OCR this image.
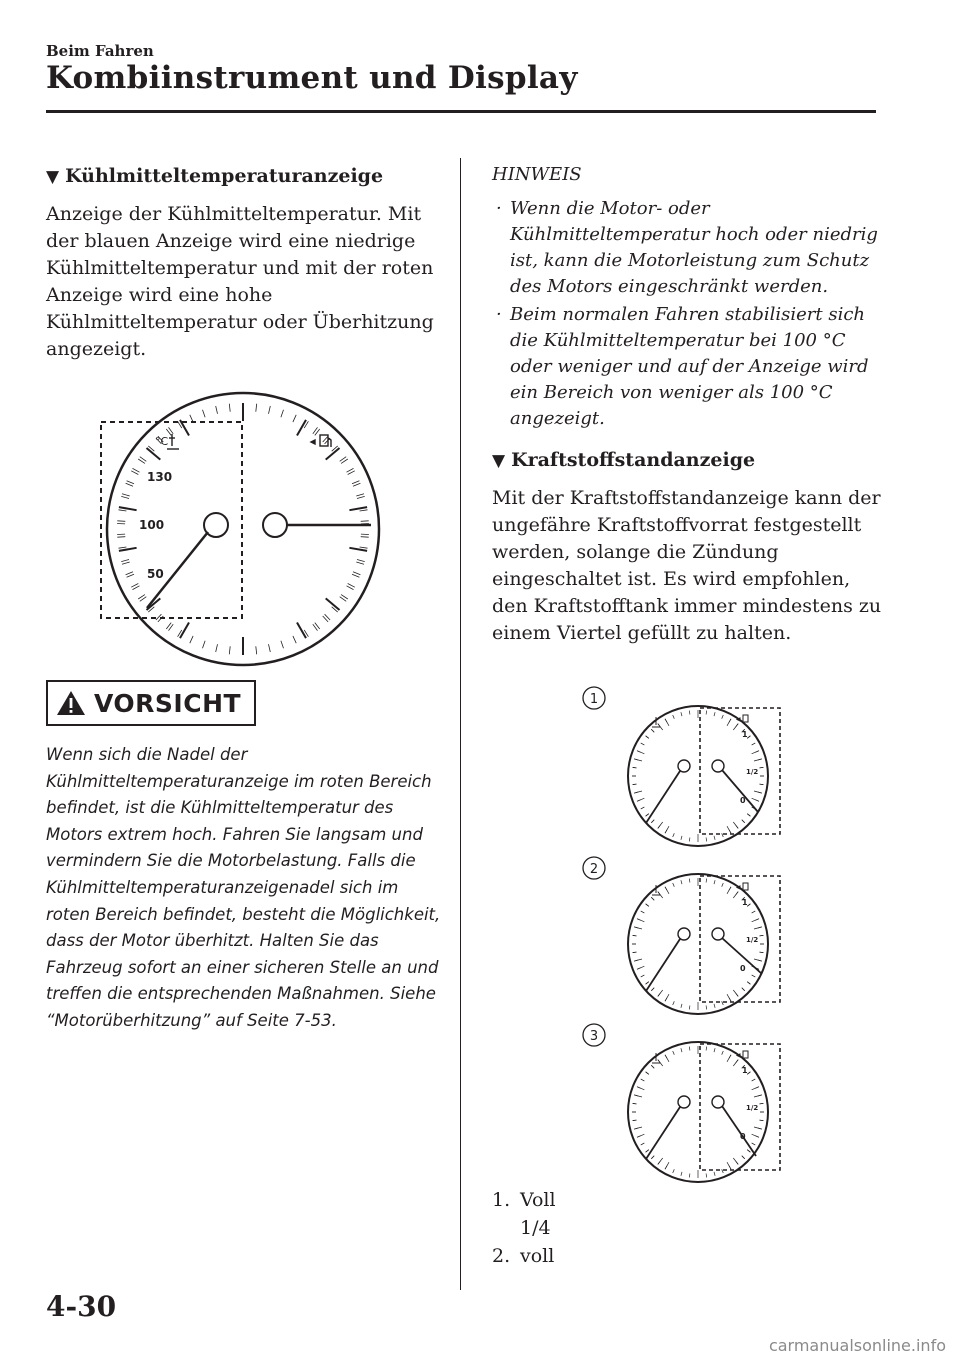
Beim Fahren
Kombiinstrument und Display
▼ Kühlmitteltemperaturanzeige

Anzeige der Kühlmitteltemperatur. Mit der blauen Anzeige wird eine niedrige Kühlmitteltemperatur und mit der roten Anzeige wird eine hohe Kühlmitteltemperatur oder Überhitzung angezeigt.

130
100
50
°C
VORSICHT

Wenn sich die Nadel der Kühlmitteltemperaturanzeige im roten Bereich befindet, ist die Kühlmitteltemperatur des Motors extrem hoch. Fahren Sie langsam und vermindern Sie die Motorbelastung. Falls die Kühlmitteltemperaturanzeigenadel sich im roten Bereich befindet, besteht die Möglichkeit, dass der Motor überhitzt. Halten Sie das Fahrzeug sofort an einer sicheren Stelle an und treffen die entsprechenden Maßnahmen. Siehe “Motorüberhitzung” auf Seite 7-53.

HINWEIS

· Wenn die Motor- oder Kühlmitteltemperatur hoch oder niedrig ist, kann die Motorleistung zum Schutz des Motors eingeschränkt werden.
· Beim normalen Fahren stabilisiert sich die Kühlmitteltemperatur bei 100 °C oder weniger und auf der Anzeige wird ein Bereich von weniger als 100 °C angezeigt.
▼ Kraftstoffstandanzeige

Mit der Kraftstoffstandanzeige kann der ungefähre Kraftstoffvorrat festgestellt werden, solange die Zündung eingeschaltet ist. Es wird empfohlen, den Kraftstofftank immer mindestens zu einem Viertel gefüllt zu halten.

1
2
3
1
1/2
0
1
1/2
0
1
1/2
0
1. Voll
2.1/4 voll
4-30
carmanualsonline.info
